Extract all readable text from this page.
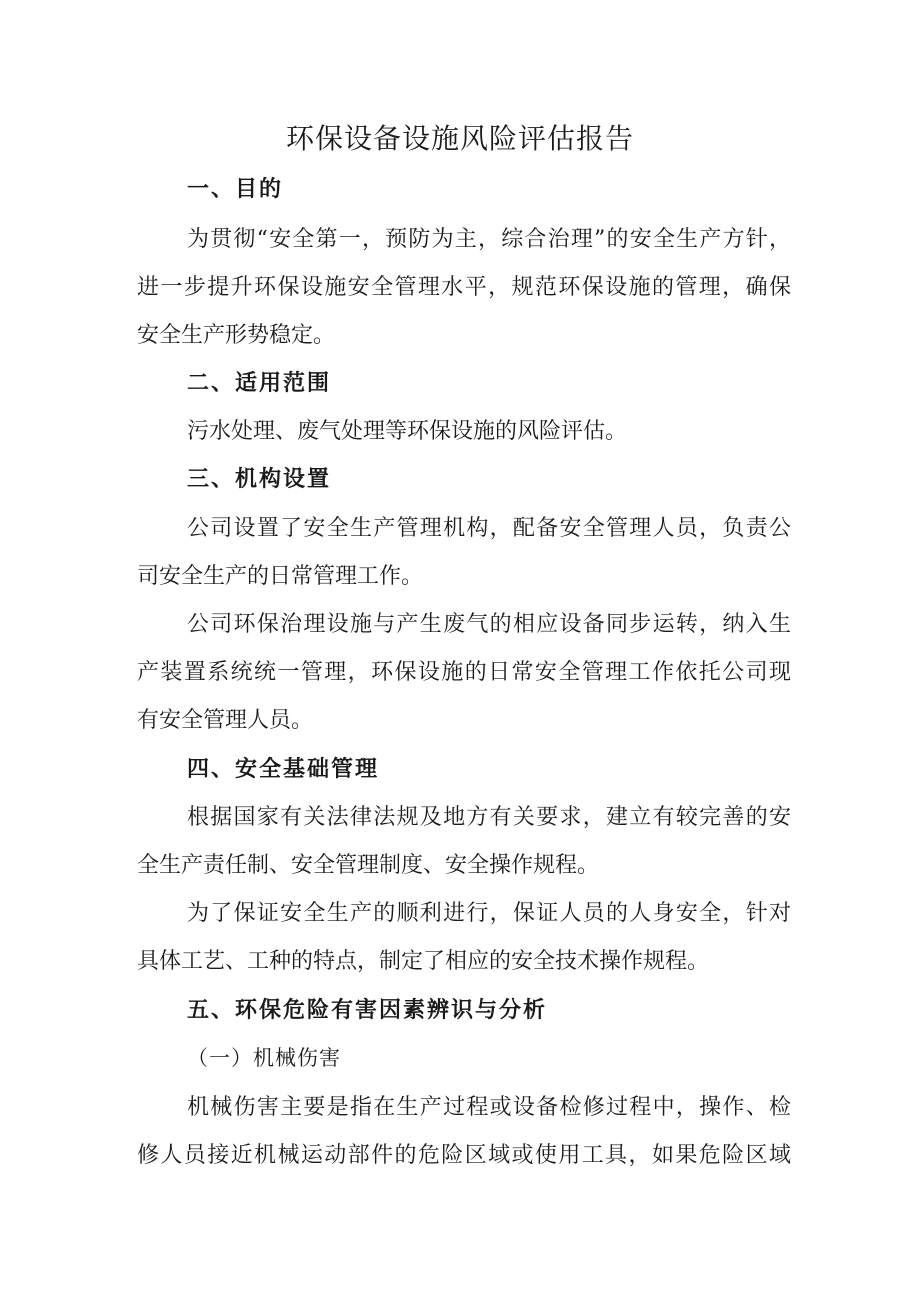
环保设备设施风险评估报告
一、目的
为贯彻“安全第一，预防为主，综合治理”的安全生产方针，
进一步提升环保设施安全管理水平，规范环保设施的管理，确保
安全生产形势稳定。
二、适用范围
污水处理、废气处理等环保设施的风险评估。
三、机构设置
公司设置了安全生产管理机构，配备安全管理人员，负责公
司安全生产的日常管理工作。
公司环保治理设施与产生废气的相应设备同步运转，纳入生
产装置系统统一管理，环保设施的日常安全管理工作依托公司现
有安全管理人员。
四、安全基础管理
根据国家有关法律法规及地方有关要求，建立有较完善的安
全生产责任制、安全管理制度、安全操作规程。
为了保证安全生产的顺利进行，保证人员的人身安全，针对
具体工艺、工种的特点，制定了相应的安全技术操作规程。
五、环保危险有害因素辨识与分析
（一）机械伤害
机械伤害主要是指在生产过程或设备检修过程中，操作、检
修人员接近机械运动部件的危险区域或使用工具，如果危险区域
